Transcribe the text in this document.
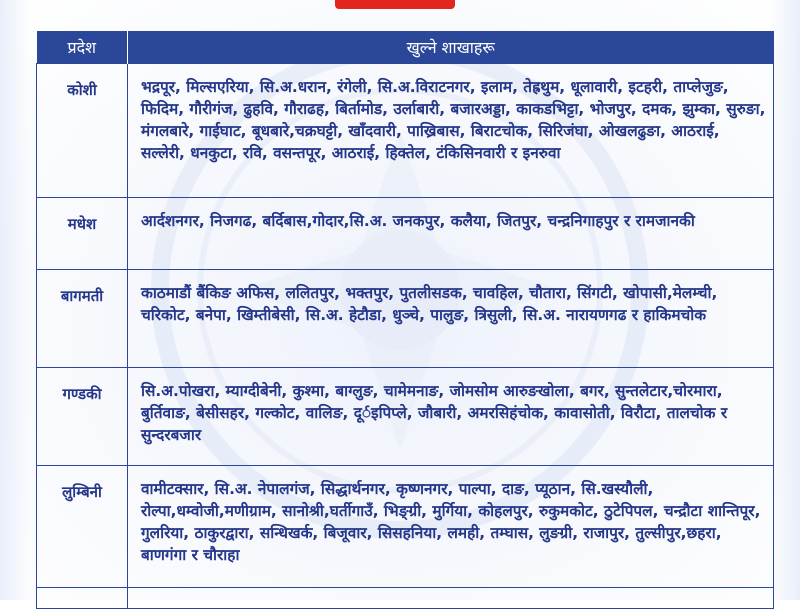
प्रदेश	खुल्ने शाखाहरू
कोशी	भद्रपूर, मिल्सएरिया, सि.अ.धरान, रंगेली, सि.अ.विराटनगर, इलाम, तेह्रथुम, धूलावारी, इटहरी, ताप्लेजुङ, फिदिम, गौरीगंज, ढुहवि, गौराढह, बिर्तामोड, उर्लाबारी, बजारअड्डा, काकडभिट्टा, भोजपुर, दमक, झुम्का, सुरुङा, मंगलबारे, गाईघाट, बूधबारे,चक्रघट्टी, खाँदवारी, पाख्रिबास, बिराटचोक, सिरिजंघा, ओखलढुङा, आठराई, सल्लेरी, धनकुटा, रवि, वसन्तपूर, आठराई, हिक्तेल, टंकिसिनवारी र इनरुवा
मधेश	आर्दशनगर, निजगढ, बर्दिबास,गोदार,सि.अ. जनकपुर, कलैया, जितपुर, चन्द्रनिगाहपुर र रामजानकी
बागमती	काठमाडौं बैंकिङ अफिस, ललितपुर, भक्तपुर, पुतलीसडक, चावहिल, चौतारा, सिंगटी, खोपासी,मेलम्ची, चरिकोट, बनेपा, खिम्तीबेसी, सि.अ. हेटौडा, धुञ्चे, पालुङ, त्रिसुली, सि.अ. नारायणगढ र हाकिमचोक
गण्डकी	सि.अ.पोखरा, म्याग्दीबेनी, कुश्मा, बाग्लुङ, चामेमनाङ, जोमसोम आरुङखोला, बगर, सुन्तलेटार,चोरमारा, बुर्तिवाङ, बेसीसहर, गल्कोट, वालिङ, दूर्इपिप्ले, जौबारी, अमरसिहंचोक, कावासोती, विरौटा, तालचोक र सुन्दरबजार
लुम्बिनी	वामीटक्सार, सि.अ. नेपालगंज, सिद्धार्थनगर, कृष्णनगर, पाल्पा, दाङ, प्यूठान, सि.खस्यौली, रोल्पा,धम्वोजी,मणीग्राम, सानोश्री,घर्तीगाउँ, भिङ्ग्री, मुर्गिया, कोहलपुर, रुकुमकोट, ठुटेपिपल, चन्द्रौटा शान्तिपूर, गुलरिया, ठाकुरद्वारा, सन्धिखर्क, बिजूवार, सिसहनिया, लमही, तम्घास, लुङग्री, राजापुर, तुल्सीपुर,छहरा, बाणगंगा र चौराहा
